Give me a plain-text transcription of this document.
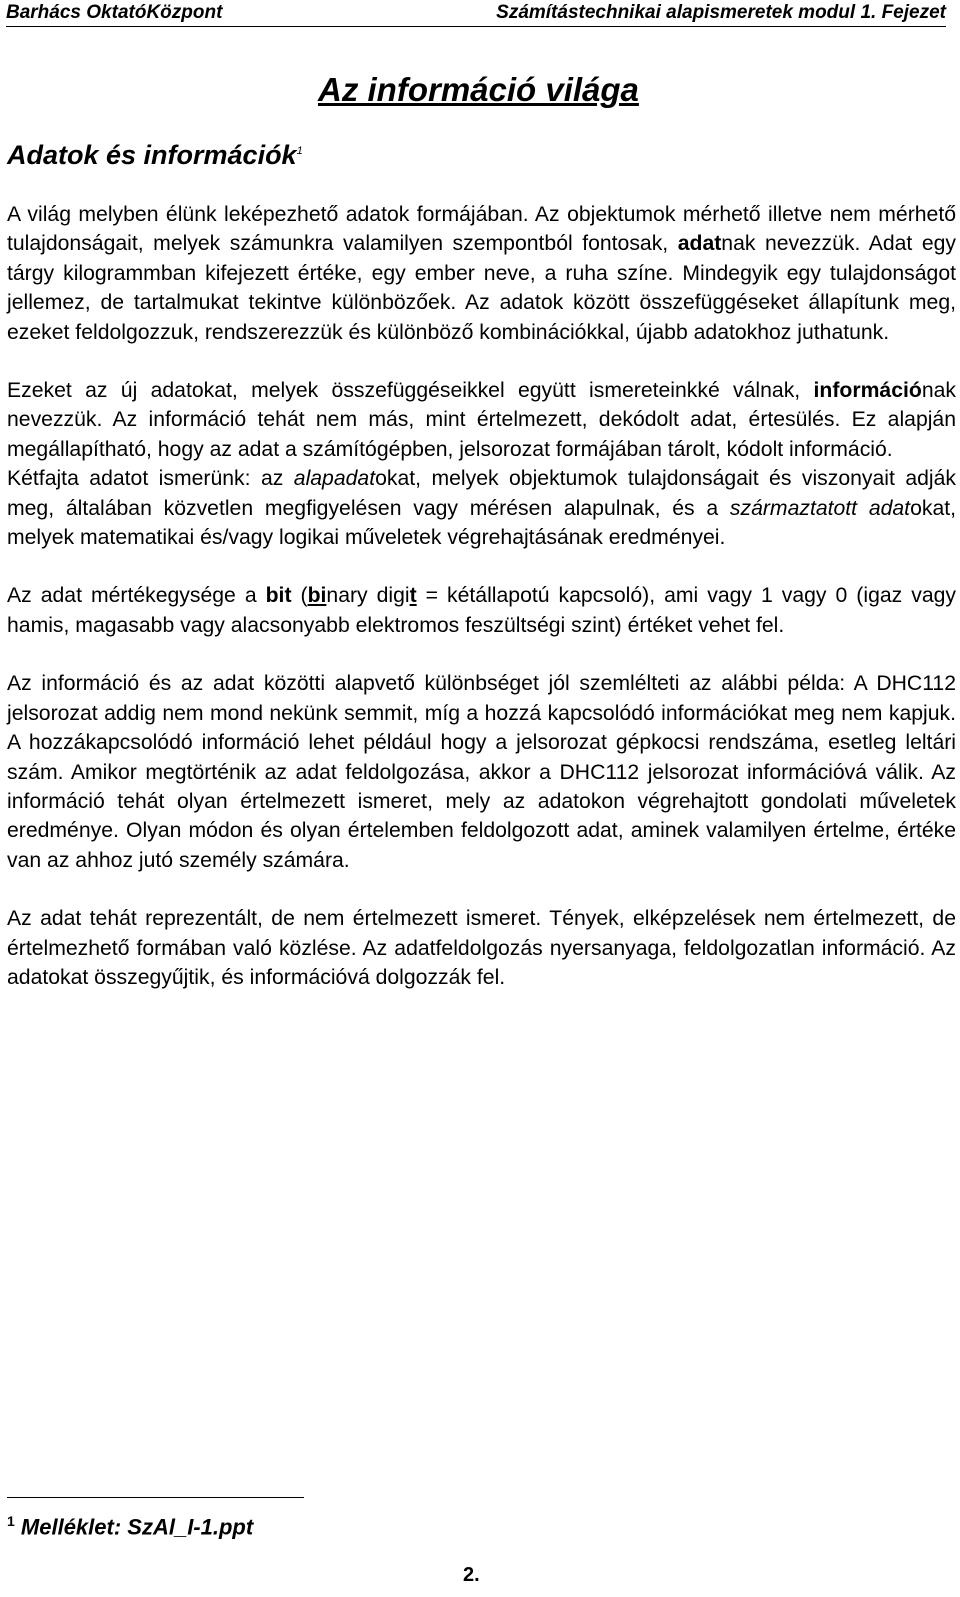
Barhács OktatóKözpont	Számítástechnikai alapismeretek modul 1. Fejezet
Az információ világa
Adatok és információk$^1$

A világ melyben élünk leképezhető adatok formájában. Az objektumok mérhető illetve nem mérhető tulajdonságait, melyek számunkra valamilyen szempontból fontosak, adatnak nevezzük. Adat egy tárgy kilogrammban kifejezett értéke, egy ember neve, a ruha színe. Mindegyik egy tulajdonságot jellemez, de tartalmukat tekintve különbözőek. Az adatok között összefüggéseket állapítunk meg, ezeket feldolgozzuk, rendszerezzük és különböző kombinációkkal, újabb adatokhoz juthatunk.

Ezeket az új adatokat, melyek összefüggéseikkel együtt ismereteinkké válnak, információnak nevezzük. Az információ tehát nem más, mint értelmezett, dekódolt adat, értesülés. Ez alapján megállapítható, hogy az adat a számítógépben, jelsorozat formájában tárolt, kódolt információ.

Kétfajta adatot ismerünk: az alapadatokat, melyek objektumok tulajdonságait és viszonyait adják meg, általában közvetlen megfigyelésen vagy mérésen alapulnak, és a származtatott adatokat, melyek matematikai és/vagy logikai műveletek végrehajtásának eredményei.

Az adat mértékegysége a bit (binary digit = kétállapotú kapcsoló), ami vagy 1 vagy 0 (igaz vagy hamis, magasabb vagy alacsonyabb elektromos feszültségi szint) értéket vehet fel.

Az információ és az adat közötti alapvető különbséget jól szemlélteti az alábbi példa: A DHC112 jelsorozat addig nem mond nekünk semmit, míg a hozzá kapcsolódó információkat meg nem kapjuk. A hozzákapcsolódó információ lehet például hogy a jelsorozat gépkocsi rendszáma, esetleg leltári szám. Amikor megtörténik az adat feldolgozása, akkor a DHC112 jelsorozat információvá válik. Az információ tehát olyan értelmezett ismeret, mely az adatokon végrehajtott gondolati műveletek eredménye. Olyan módon és olyan értelemben feldolgozott adat, aminek valamilyen értelme, értéke van az ahhoz jutó személy számára.

Az adat tehát reprezentált, de nem értelmezett ismeret. Tények, elképzelések nem értelmezett, de értelmezhető formában való közlése. Az adatfeldolgozás nyersanyaga, feldolgozatlan információ. Az adatokat összegyűjtik, és információvá dolgozzák fel.

$^1$ Melléklet: SzAl_I-1.ppt
2.
